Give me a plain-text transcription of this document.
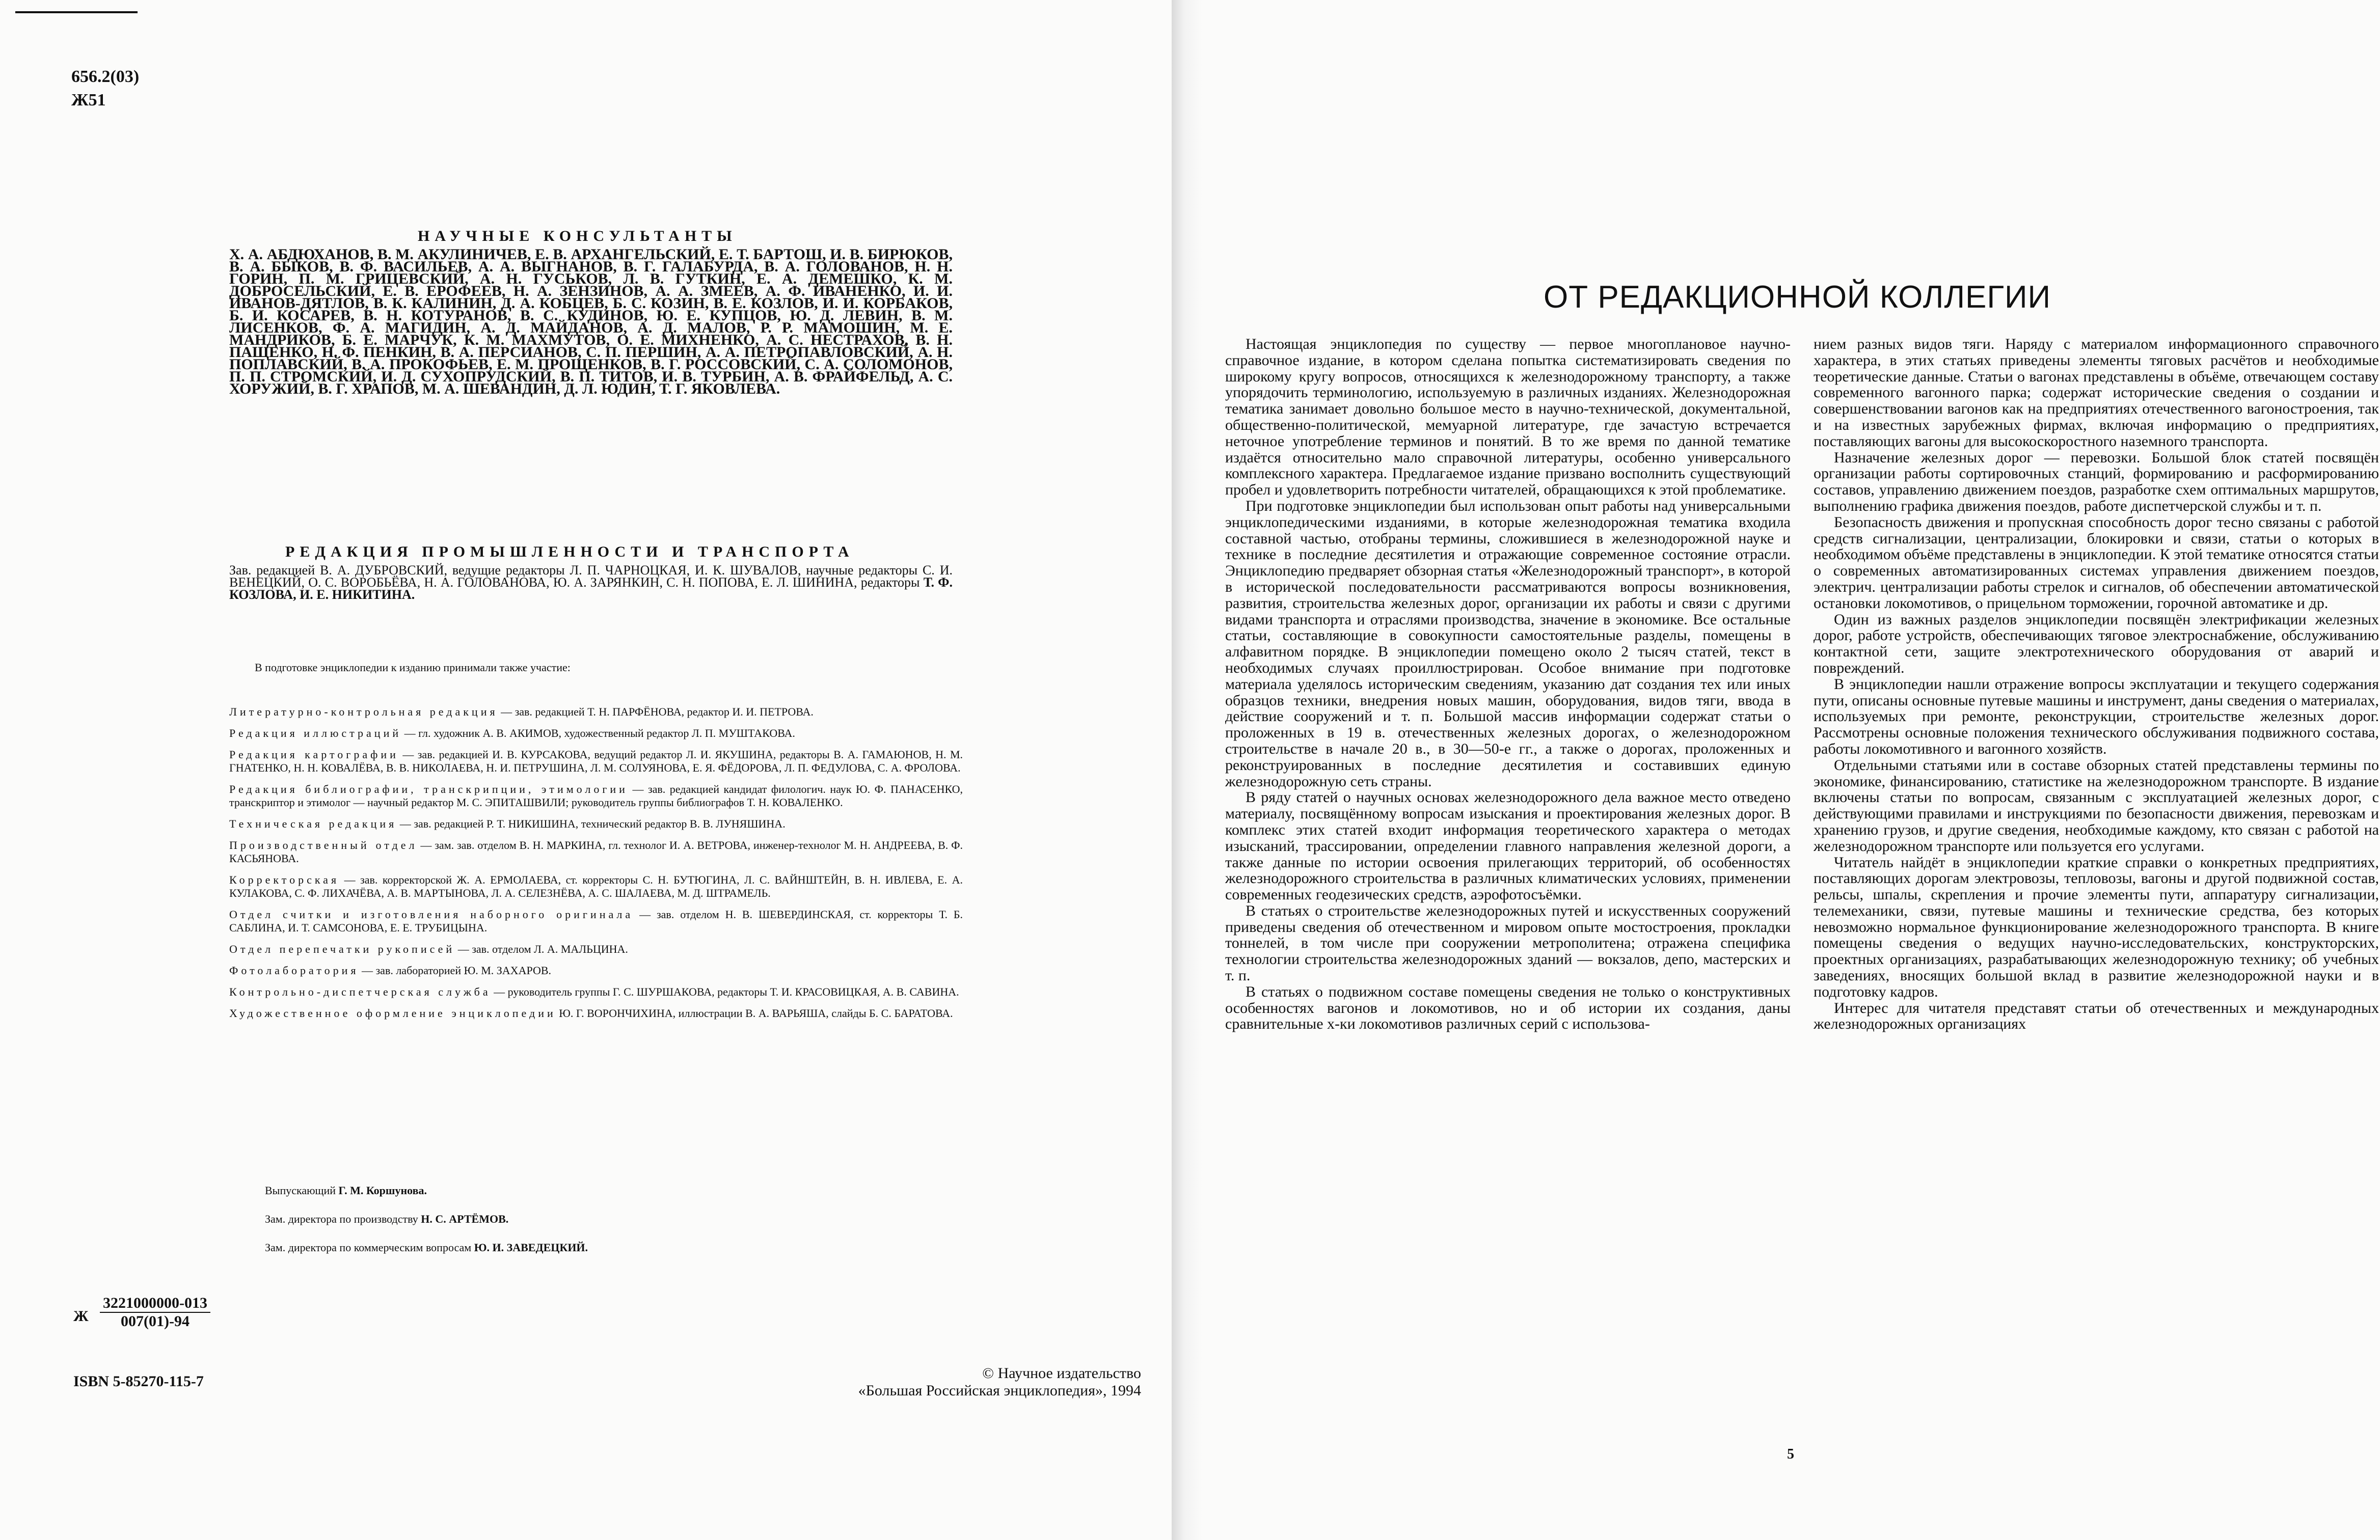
656.2(03)
Ж51
НАУЧНЫЕ КОНСУЛЬТАНТЫ
Х. А. АБДЮХАНОВ, В. М. АКУЛИНИЧЕВ, Е. В. АРХАНГЕЛЬСКИЙ, Е. Т. БАРТОШ, И. В. БИРЮКОВ, В. А. БЫКОВ, В. Ф. ВАСИЛЬЕВ, А. А. ВЫГНАНОВ, В. Г. ГАЛАБУРДА, В. А. ГОЛОВАНОВ, Н. Н. ГОРИН, П. М. ГРИЦЕВСКИЙ, А. Н. ГУСЬКОВ, Л. В. ГУТКИН, Е. А. ДЕМЕШКО, К. М. ДОБРОСЕЛЬСКИЙ, Е. В. ЕРОФЕЕВ, Н. А. ЗЕНЗИНОВ, А. А. ЗМЕЕВ, А. Ф. ИВАНЕНКО, И. И. ИВАНОВ-ДЯТЛОВ, В. К. КАЛИНИН, Д. А. КОБЦЕВ, Б. С. КОЗИН, В. Е. КОЗЛОВ, И. И. КОРБАКОВ, Б. И. КОСАРЕВ, В. Н. КОТУРАНОВ, В. С. КУДИНОВ, Ю. Е. КУПЦОВ, Ю. Д. ЛЕВИН, В. М. ЛИСЕНКОВ, Ф. А. МАГИДИН, А. Д. МАЙДАНОВ, А. Д. МАЛОВ, Р. Р. МАМОШИН, М. Е. МАНДРИКОВ, Б. Е. МАРЧУК, К. М. МАХМУТОВ, О. Е. МИХНЕНКО, А. С. НЕСТРАХОВ, В. Н. ПАЩЕНКО, Н. Ф. ПЕНКИН, В. А. ПЕРСИАНОВ, С. П. ПЕРШИН, А. А. ПЕТРОПАВЛОВСКИЙ, А. Н. ПОПЛАВСКИЙ, В. А. ПРОКОФЬЕВ, Е. М. ПРОЩЕНКОВ, В. Г. РОССОВСКИЙ, С. А. СОЛОМОНОВ, П. П. СТРОМСКИЙ, И. Д. СУХОПРУДСКИЙ, В. П. ТИТОВ, И. В. ТУРБИН, А. В. ФРАЙФЕЛЬД, А. С. ХОРУЖИЙ, В. Г. ХРАПОВ, М. А. ШЕВАНДИН, Д. Л. ЮДИН, Т. Г. ЯКОВЛЕВА.
РЕДАКЦИЯ ПРОМЫШЛЕННОСТИ И ТРАНСПОРТА
Зав. редакцией В. А. ДУБРОВСКИЙ, ведущие редакторы Л. П. ЧАРНОЦКАЯ, И. К. ШУВАЛОВ, научные редакторы С. И. ВЕНЕЦКИЙ, О. С. ВОРОБЬЁВА, Н. А. ГОЛОВАНОВА, Ю. А. ЗАРЯНКИН, С. Н. ПОПОВА, Е. Л. ШИНИНА, редакторы Т. Ф. КОЗЛОВА, И. Е. НИКИТИНА.
В подготовке энциклопедии к изданию принимали также участие:
Литературно-контрольная редакция — зав. редакцией Т. Н. ПАРФЁНОВА, редактор И. И. ПЕТРОВА.
Редакция иллюстраций — гл. художник А. В. АКИМОВ, художественный редактор Л. П. МУШТАКОВА.
Редакция картографии — зав. редакцией И. В. КУРСАКОВА, ведущий редактор Л. И. ЯКУШИНА, редакторы В. А. ГАМАЮНОВ, Н. М. ГНАТЕНКО, Н. Н. КОВАЛЁВА, В. В. НИКОЛАЕВА, Н. И. ПЕТРУШИНА, Л. М. СОЛУЯНОВА, Е. Я. ФЁДОРОВА, Л. П. ФЕДУЛОВА, С. А. ФРОЛОВА.
Редакция библиографии, транскрипции, этимологии — зав. редакцией кандидат филологич. наук Ю. Ф. ПАНАСЕНКО, транскриптор и этимолог — научный редактор М. С. ЭПИТАШВИЛИ; руководитель группы библиографов Т. Н. КОВАЛЕНКО.
Техническая редакция — зав. редакцией Р. Т. НИКИШИНА, технический редактор В. В. ЛУНЯШИНА.
Производственный отдел — зам. зав. отделом В. Н. МАРКИНА, гл. технолог И. А. ВЕТРОВА, инженер-технолог М. Н. АНДРЕЕВА, В. Ф. КАСЬЯНОВА.
Корректорская — зав. корректорской Ж. А. ЕРМОЛАЕВА, ст. корректоры С. Н. БУТЮГИНА, Л. С. ВАЙНШТЕЙН, В. Н. ИВЛЕВА, Е. А. КУЛАКОВА, С. Ф. ЛИХАЧЁВА, А. В. МАРТЫНОВА, Л. А. СЕЛЕЗНЁВА, А. С. ШАЛАЕВА, М. Д. ШТРАМЕЛЬ.
Отдел считки и изготовления наборного оригинала — зав. отделом Н. В. ШЕВЕРДИНСКАЯ, ст. корректоры Т. Б. САБЛИНА, И. Т. САМСОНОВА, Е. Е. ТРУБИЦЫНА.
Отдел перепечатки рукописей — зав. отделом Л. А. МАЛЬЦИНА.
Фотолаборатория — зав. лабораторией Ю. М. ЗАХАРОВ.
Контрольно-диспетчерская служба — руководитель группы Г. С. ШУРШАКОВА, редакторы Т. И. КРАСОВИЦКАЯ, А. В. САВИНА.
Художественное оформление энциклопедии Ю. Г. ВОРОНЧИХИНА, иллюстрации В. А. ВАРЬЯША, слайды Б. С. БАРАТОВА.
Выпускающий Г. М. Коршунова.
Зам. директора по производству Н. С. АРТЁМОВ.
Зам. директора по коммерческим вопросам Ю. И. ЗАВЕДЕЦКИЙ.
Ж $\frac{3221000000-013}{007(01)-94}$
ISBN 5-85270-115-7	© Научное издательство
«Большая Российская энциклопедия», 1994
ОТ РЕДАКЦИОННОЙ КОЛЛЕГИИ

Настоящая энциклопедия по существу — первое многоплановое научно-справочное издание, в котором сделана попытка систематизировать сведения по широкому кругу вопросов, относящихся к железнодорожному транспорту, а также упорядочить терминологию, используемую в различных изданиях. Железнодорожная тематика занимает довольно большое место в научно-технической, документальной, общественно-политической, мемуарной литературе, где зачастую встречается неточное употребление терминов и понятий. В то же время по данной тематике издаётся относительно мало справочной литературы, особенно универсального комплексного характера. Предлагаемое издание призвано восполнить существующий пробел и удовлетворить потребности читателей, обращающихся к этой проблематике.

При подготовке энциклопедии был использован опыт работы над универсальными энциклопедическими изданиями, в которые железнодорожная тематика входила составной частью, отобраны термины, сложившиеся в железнодорожной науке и технике в последние десятилетия и отражающие современное состояние отрасли. Энциклопедию предваряет обзорная статья «Железнодорожный транспорт», в которой в исторической последовательности рассматриваются вопросы возникновения, развития, строительства железных дорог, организации их работы и связи с другими видами транспорта и отраслями производства, значение в экономике. Все остальные статьи, составляющие в совокупности самостоятельные разделы, помещены в алфавитном порядке. В энциклопедии помещено около 2 тысяч статей, текст в необходимых случаях проиллюстрирован. Особое внимание при подготовке материала уделялось историческим сведениям, указанию дат создания тех или иных образцов техники, внедрения новых машин, оборудования, видов тяги, ввода в действие сооружений и т. п. Большой массив информации содержат статьи о проложенных в 19 в. отечественных железных дорогах, о железнодорожном строительстве в начале 20 в., в 30—50-е гг., а также о дорогах, проложенных и реконструированных в последние десятилетия и составивших единую железнодорожную сеть страны.

В ряду статей о научных основах железнодорожного дела важное место отведено материалу, посвящённому вопросам изыскания и проектирования железных дорог. В комплекс этих статей входит информация теоретического характера о методах изысканий, трассировании, определении главного направления железной дороги, а также данные по истории освоения прилегающих территорий, об особенностях железнодорожного строительства в различных климатических условиях, применении современных геодезических средств, аэрофотосъёмки.

В статьях о строительстве железнодорожных путей и искусственных сооружений приведены сведения об отечественном и мировом опыте мостостроения, прокладки тоннелей, в том числе при сооружении метрополитена; отражена специфика технологии строительства железнодорожных зданий — вокзалов, депо, мастерских и т. п.

В статьях о подвижном составе помещены сведения не только о конструктивных особенностях вагонов и локомотивов, но и об истории их создания, даны сравнительные х-ки локомотивов различных серий с использова-

нием разных видов тяги. Наряду с материалом информационного справочного характера, в этих статьях приведены элементы тяговых расчётов и необходимые теоретические данные. Статьи о вагонах представлены в объёме, отвечающем составу современного вагонного парка; содержат исторические сведения о создании и совершенствовании вагонов как на предприятиях отечественного вагоностроения, так и на известных зарубежных фирмах, включая информацию о предприятиях, поставляющих вагоны для высокоскоростного наземного транспорта.

Назначение железных дорог — перевозки. Большой блок статей посвящён организации работы сортировочных станций, формированию и расформированию составов, управлению движением поездов, разработке схем оптимальных маршрутов, выполнению графика движения поездов, работе диспетчерской службы и т. п.

Безопасность движения и пропускная способность дорог тесно связаны с работой средств сигнализации, централизации, блокировки и связи, статьи о которых в необходимом объёме представлены в энциклопедии. К этой тематике относятся статьи о современных автоматизированных системах управления движением поездов, электрич. централизации работы стрелок и сигналов, об обеспечении автоматической остановки локомотивов, о прицельном торможении, горочной автоматике и др.

Один из важных разделов энциклопедии посвящён электрификации железных дорог, работе устройств, обеспечивающих тяговое электроснабжение, обслуживанию контактной сети, защите электротехнического оборудования от аварий и повреждений.

В энциклопедии нашли отражение вопросы эксплуатации и текущего содержания пути, описаны основные путевые машины и инструмент, даны сведения о материалах, используемых при ремонте, реконструкции, строительстве железных дорог. Рассмотрены основные положения технического обслуживания подвижного состава, работы локомотивного и вагонного хозяйств.

Отдельными статьями или в составе обзорных статей представлены термины по экономике, финансированию, статистике на железнодорожном транспорте. В издание включены статьи по вопросам, связанным с эксплуатацией железных дорог, с действующими правилами и инструкциями по безопасности движения, перевозкам и хранению грузов, и другие сведения, необходимые каждому, кто связан с работой на железнодорожном транспорте или пользуется его услугами.

Читатель найдёт в энциклопедии краткие справки о конкретных предприятиях, поставляющих дорогам электровозы, тепловозы, вагоны и другой подвижной состав, рельсы, шпалы, скрепления и прочие элементы пути, аппаратуру сигнализации, телемеханики, связи, путевые машины и технические средства, без которых невозможно нормальное функционирование железнодорожного транспорта. В книге помещены сведения о ведущих научно-исследовательских, конструкторских, проектных организациях, разрабатывающих железнодорожную технику; об учебных заведениях, вносящих большой вклад в развитие железнодорожной науки и в подготовку кадров.

Интерес для читателя представят статьи об отечественных и международных железнодорожных организациях

5
